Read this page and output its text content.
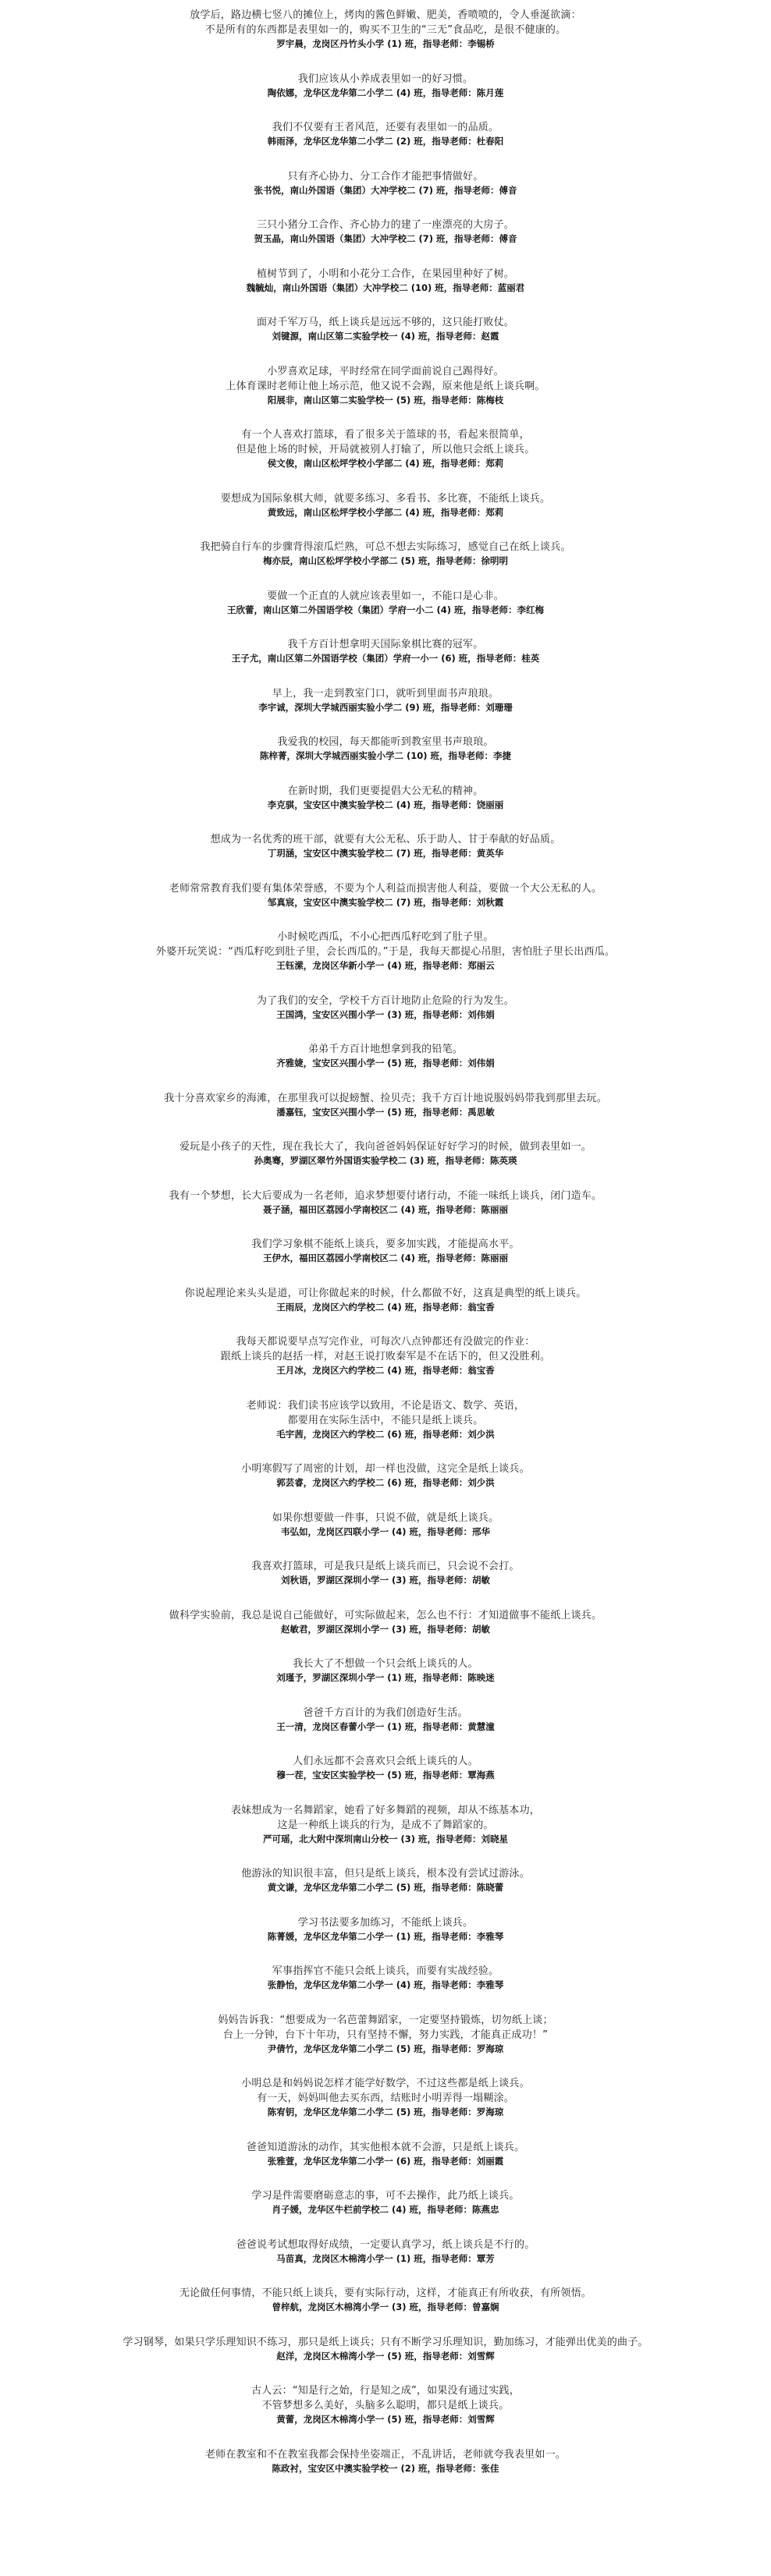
放学后，路边横七竖八的摊位上，烤肉的酱色鲜嫩、肥美，香喷喷的，令人垂涎欲滴：
不是所有的东西都是表里如一的，购买不卫生的“三无”食品吃，是很不健康的。
罗宇晨，龙岗区丹竹头小学 (1) 班，指导老师：李锡桥
我们应该从小养成表里如一的好习惯。
陶依娜，龙华区龙华第二小学二 (4) 班，指导老师：陈月莲
我们不仅要有王者风范，还要有表里如一的品质。
韩雨泽，龙华区龙华第二小学二 (2) 班，指导老师：杜春阳
只有齐心协力、分工合作才能把事情做好。
张书悦，南山外国语（集团）大冲学校二 (7) 班，指导老师：傅音
三只小猪分工合作、齐心协力的建了一座漂亮的大房子。
贺玉晶，南山外国语（集团）大冲学校二 (7) 班，指导老师：傅音
植树节到了，小明和小花分工合作，在果园里种好了树。
魏毓灿，南山外国语（集团）大冲学校二 (10) 班，指导老师：蓝丽君
面对千军万马，纸上谈兵是远远不够的，这只能打败仗。
刘键源，南山区第二实验学校一 (4) 班，指导老师：赵霞
小罗喜欢足球，平时经常在同学面前说自己踢得好。
上体育课时老师让他上场示范，他又说不会踢，原来他是纸上谈兵啊。
阳展非，南山区第二实验学校一 (5) 班，指导老师：陈梅枝
有一个人喜欢打篮球，看了很多关于篮球的书，看起来很简单，
但是他上场的时候，开局就被别人打输了，所以他只会纸上谈兵。
侯文俊，南山区松坪学校小学部二 (4) 班，指导老师：郑莉
要想成为国际象棋大师，就要多练习、多看书、多比赛，不能纸上谈兵。
黄致远，南山区松坪学校小学部二 (4) 班，指导老师：郑莉
我把骑自行车的步骤背得滚瓜烂熟，可总不想去实际练习，感觉自己在纸上谈兵。
梅亦辰，南山区松坪学校小学部二 (5) 班，指导老师：徐明明
要做一个正直的人就应该表里如一，不能口是心非。
王欣蕾，南山区第二外国语学校（集团）学府一小二 (4) 班，指导老师：李红梅
我千方百计想拿明天国际象棋比赛的冠军。
王子尤，南山区第二外国语学校（集团）学府一小一 (6) 班，指导老师：桂英
早上，我一走到教室门口，就听到里面书声琅琅。
李宇诚，深圳大学城西丽实验小学二 (9) 班，指导老师：刘珊珊
我爱我的校园，每天都能听到教室里书声琅琅。
陈梓菁，深圳大学城西丽实验小学二 (10) 班，指导老师：李捷
在新时期，我们更要提倡大公无私的精神。
李克骐，宝安区中澳实验学校二 (4) 班，指导老师：饶丽丽
想成为一名优秀的班干部，就要有大公无私、乐于助人、甘于奉献的好品质。
丁玥涵，宝安区中澳实验学校二 (7) 班，指导老师：黄英华
老师常常教育我们要有集体荣誉感，不要为个人利益而损害他人利益，要做一个大公无私的人。
邹真宸，宝安区中澳实验学校二 (7) 班，指导老师：刘秋霞
小时候吃西瓜，不小心把西瓜籽吃到了肚子里。
外婆开玩笑说：“西瓜籽吃到肚子里，会长西瓜的。”于是，我每天都提心吊胆，害怕肚子里长出西瓜。
王钰潆，龙岗区华新小学一 (4) 班，指导老师：郑丽云
为了我们的安全，学校千方百计地防止危险的行为发生。
王国鸿，宝安区兴围小学一 (3) 班，指导老师：刘伟娟
弟弟千方百计地想拿到我的铅笔。
齐雅婕，宝安区兴围小学一 (5) 班，指导老师：刘伟娟
我十分喜欢家乡的海滩，在那里我可以捉螃蟹、捡贝壳；我千方百计地说服妈妈带我到那里去玩。
潘嘉钰，宝安区兴围小学一 (5) 班，指导老师：禹思敏
爱玩是小孩子的天性，现在我长大了，我向爸爸妈妈保证好好学习的时候，做到表里如一。
孙奥骞，罗湖区翠竹外国语实验学校二 (3) 班，指导老师：陈英瑛
我有一个梦想，长大后要成为一名老师，追求梦想要付诸行动，不能一味纸上谈兵，闭门造车。
聂子涵，福田区荔园小学南校区二 (4) 班，指导老师：陈丽丽
我们学习象棋不能纸上谈兵，要多加实践，才能提高水平。
王伊水，福田区荔园小学南校区二 (4) 班，指导老师：陈丽丽
你说起理论来头头是道，可让你做起来的时候，什么都做不好，这真是典型的纸上谈兵。
王雨辰，龙岗区六约学校二 (4) 班，指导老师：翁宝香
我每天都说要早点写完作业，可每次八点钟都还有没做完的作业：
跟纸上谈兵的赵括一样，对赵王说打败秦军是不在话下的，但又没胜利。
王月冰，龙岗区六约学校二 (4) 班，指导老师：翁宝香
老师说：我们读书应该学以致用，不论是语文、数学、英语，
都要用在实际生活中，不能只是纸上谈兵。
毛宇茜，龙岗区六约学校二 (6) 班，指导老师：刘少洪
小明寒假写了周密的计划，却一样也没做，这完全是纸上谈兵。
郭芸睿，龙岗区六约学校二 (6) 班，指导老师：刘少洪
如果你想要做一件事，只说不做，就是纸上谈兵。
韦弘如，龙岗区四联小学一 (4) 班，指导老师：邢华
我喜欢打篮球，可是我只是纸上谈兵而已，只会说不会打。
刘秋语，罗湖区深圳小学一 (3) 班，指导老师：胡敏
做科学实验前，我总是说自己能做好，可实际做起来，怎么也不行：才知道做事不能纸上谈兵。
赵敏君，罗湖区深圳小学一 (3) 班，指导老师：胡敏
我长大了不想做一个只会纸上谈兵的人。
刘瑾予，罗湖区深圳小学一 (1) 班，指导老师：陈映迷
爸爸千方百计的为我们创造好生活。
王一清，龙岗区春蕾小学一 (1) 班，指导老师：黄慧潼
人们永远都不会喜欢只会纸上谈兵的人。
穆一茬，宝安区实验学校一 (5) 班，指导老师：覃海燕
表妹想成为一名舞蹈家，她看了好多舞蹈的视频，却从不练基本功，
这是一种纸上谈兵的行为，是成不了舞蹈家的。
严可瑶，北大附中深圳南山分校一 (3) 班，指导老师：刘晓星
他游泳的知识很丰富，但只是纸上谈兵，根本没有尝试过游泳。
黄文谦，龙华区龙华第二小学二 (5) 班，指导老师：陈晓蕾
学习书法要多加练习，不能纸上谈兵。
陈菁媛，龙华区龙华第二小学一 (1) 班，指导老师：李雅琴
军事指挥官不能只会纸上谈兵，而要有实战经验。
张静怡，龙华区龙华第二小学一 (4) 班，指导老师：李雅琴
妈妈告诉我：“想要成为一名芭蕾舞蹈家，一定要坚持锻炼，切勿纸上谈；
台上一分钟，台下十年功，只有坚持不懈，努力实践，才能真正成功！”
尹倩竹，龙华区龙华第二小学二 (5) 班，指导老师：罗海琼
小明总是和妈妈说怎样才能学好数学，不过这些都是纸上谈兵。
有一天，妈妈叫他去买东西，结账时小明弄得一塌糊涂。
陈宥钥，龙华区龙华第二小学二 (5) 班，指导老师：罗海琼
爸爸知道游泳的动作，其实他根本就不会游，只是纸上谈兵。
张雅萱，龙华区龙华第二小学一 (6) 班，指导老师：刘丽霞
学习是件需要磨砺意志的事，可不去操作，此乃纸上谈兵。
肖子媛，龙华区牛栏前学校二 (4) 班，指导老师：陈燕忠
爸爸说考试想取得好成绩，一定要认真学习，纸上谈兵是不行的。
马苗真，龙岗区木棉湾小学一 (1) 班，指导老师：覃芳
无论做任何事情，不能只纸上谈兵，要有实际行动，这样，才能真正有所收获，有所领悟。
曾梓航，龙岗区木棉湾小学一 (3) 班，指导老师：曾嘉娴
学习钢琴，如果只学乐理知识不练习，那只是纸上谈兵；只有不断学习乐理知识，勤加练习，才能弹出优美的曲子。
赵洋，龙岗区木棉湾小学一 (5) 班，指导老师：刘雪辉
古人云：“知是行之始，行是知之成”，如果没有通过实践，
不管梦想多么美好，头脑多么聪明，都只是纸上谈兵。
黄蕾，龙岗区木棉湾小学一 (5) 班，指导老师：刘雪辉
老师在教室和不在教室我都会保持坐姿端正，不乱讲话，老师就夸我表里如一。
陈政衬，宝安区中澳实验学校一 (2) 班，指导老师：张佳
